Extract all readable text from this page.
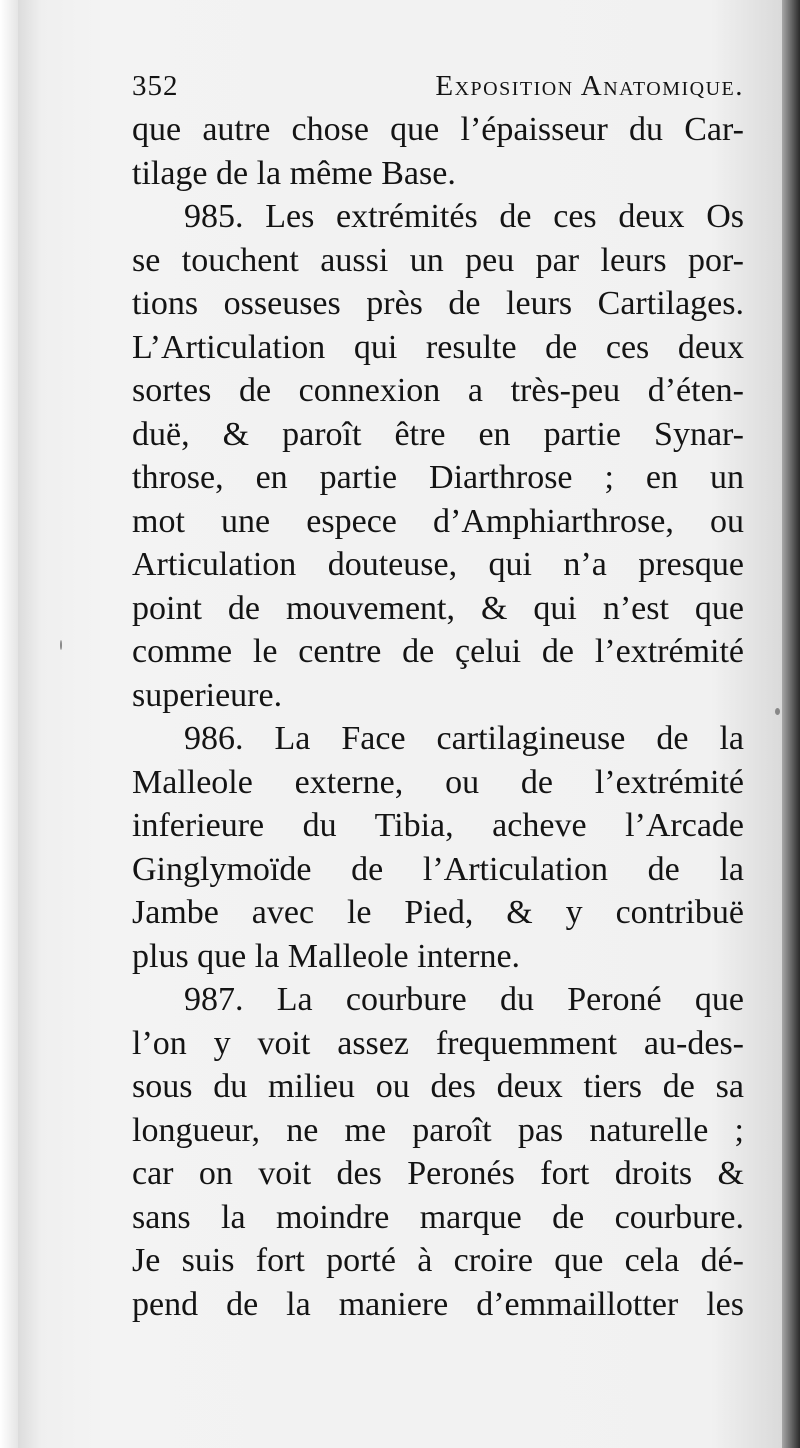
352	Exposition Anatomique.
que autre chose que l’épaisseur du Car-
tilage de la même Base.
985. Les extrémités de ces deux Os
se touchent aussi un peu par leurs por-
tions osseuses près de leurs Cartilages.
L’Articulation qui resulte de ces deux
sortes de connexion a très-peu d’éten-
duë, & paroît être en partie Synar-
throse, en partie Diarthrose ; en un
mot une espece d’Amphiarthrose, ou
Articulation douteuse, qui n’a presque
point de mouvement, & qui n’est que
comme le centre de çelui de l’extrémité
superieure.
986. La Face cartilagineuse de la
Malleole externe, ou de l’extrémité
inferieure du Tibia, acheve l’Arcade
Ginglymoïde de l’Articulation de la
Jambe avec le Pied, & y contribuë
plus que la Malleole interne.
987. La courbure du Peroné que
l’on y voit assez frequemment au-des-
sous du milieu ou des deux tiers de sa
longueur, ne me paroît pas naturelle ;
car on voit des Peronés fort droits &
sans la moindre marque de courbure.
Je suis fort porté à croire que cela dé-
pend de la maniere d’emmaillotter les
